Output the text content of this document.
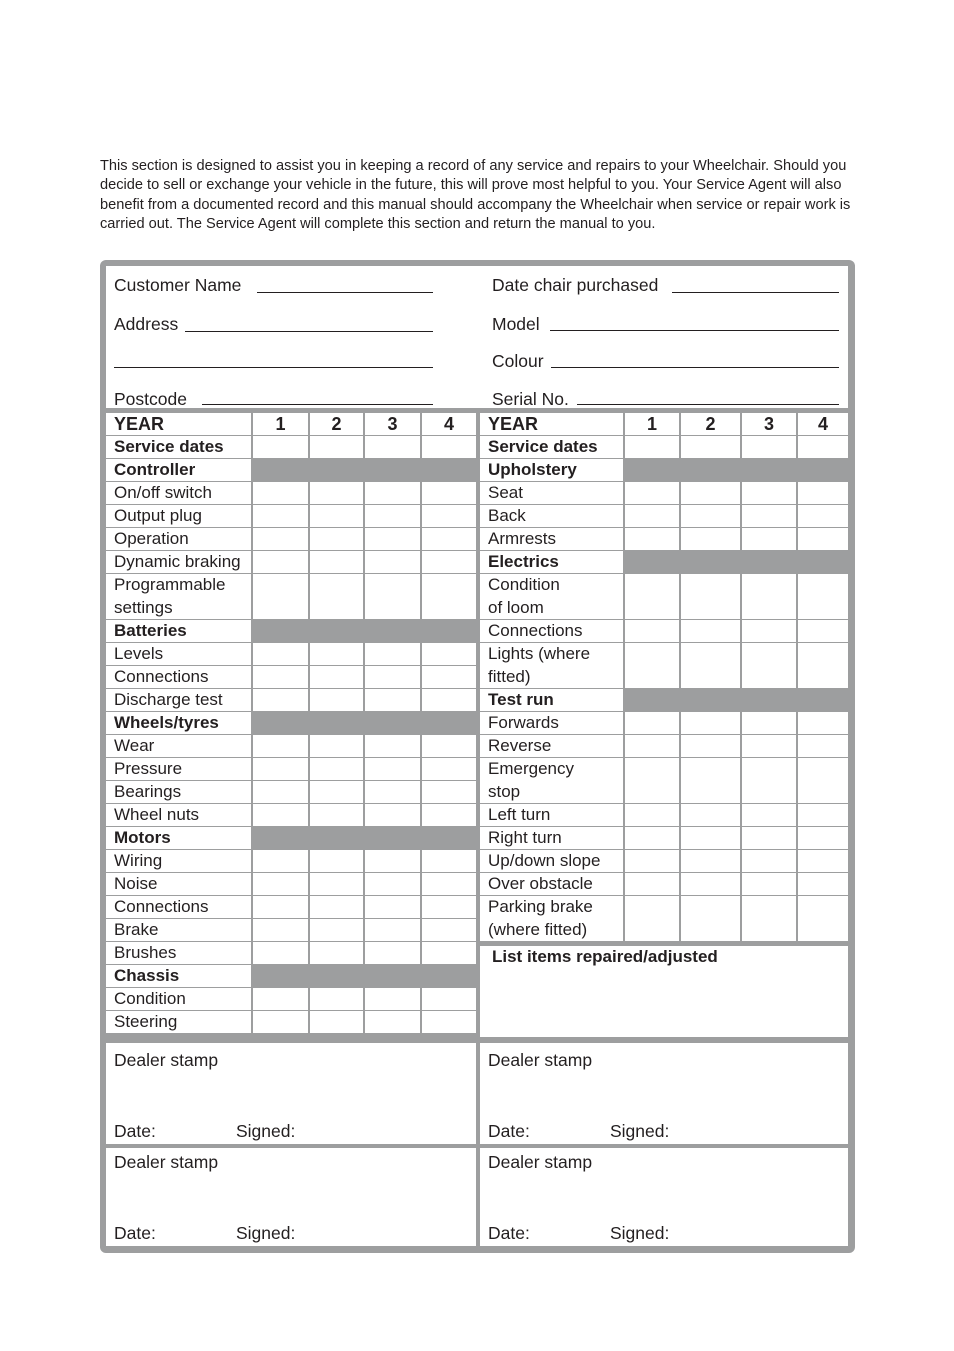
This section is designed to assist you in keeping a record of any service and repairs to your Wheelchair. Should you decide to sell or exchange your vehicle in the future, this will prove most helpful to you. Your Service Agent will also benefit from a documented record and this manual should accompany the Wheelchair when service or repair work is carried out. The Service Agent will complete this section and return the manual to you.
Customer Name
Address
Postcode
Date chair purchased
Model
Colour
Serial No.
YEAR	1	2	3	4
Service dates
Controller
On/off switch
Output plug
Operation
Dynamic braking
Programmable
settings
Batteries
Levels
Connections
Discharge test
Wheels/tyres
Wear
Pressure
Bearings
Wheel nuts
Motors
Wiring
Noise
Connections
Brake
Brushes
Chassis
Condition
Steering
YEAR	1	2	3	4
Service dates
Upholstery
Seat
Back
Armrests
Electrics
Condition
of loom
Connections
Lights (where
fitted)
Test run
Forwards
Reverse
Emergency
stop
Left turn
Right turn
Up/down slope
Over obstacle
Parking brake
(where fitted)
List items repaired/adjusted
Dealer stamp
Date:	Signed:
Dealer stamp
Date:	Signed:
Dealer stamp
Date:	Signed:
Dealer stamp
Date:	Signed:
